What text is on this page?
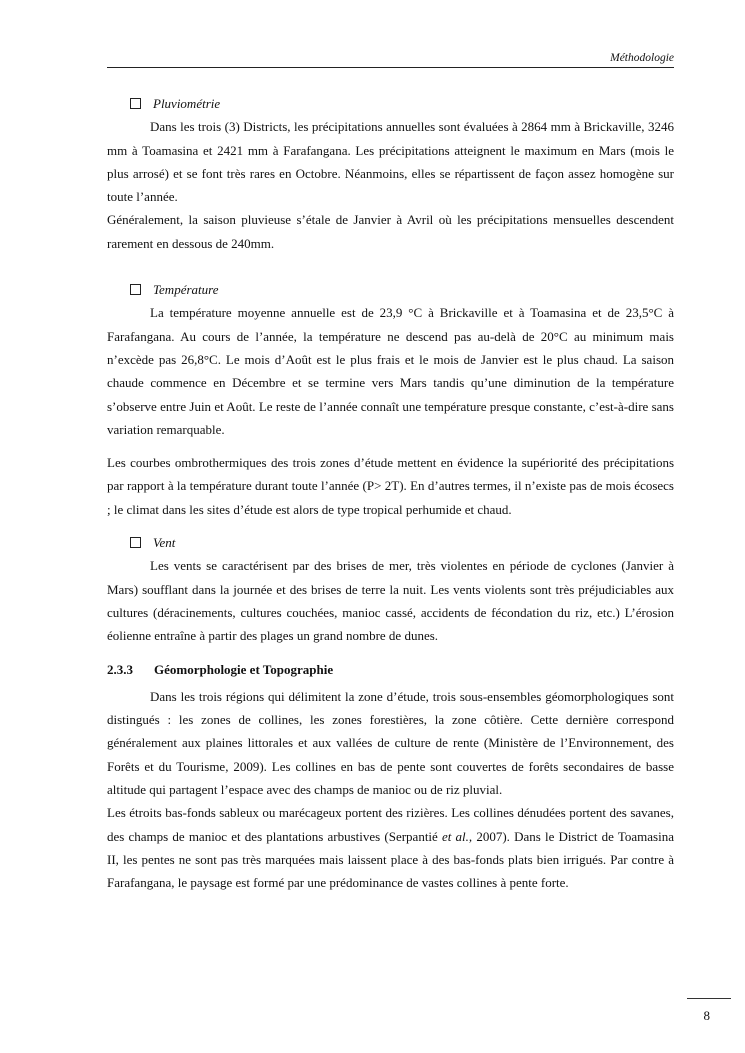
Méthodologie
Pluviométrie

Dans les trois (3) Districts, les précipitations annuelles sont évaluées à 2864 mm à Brickaville, 3246 mm à Toamasina et 2421 mm à Farafangana. Les précipitations atteignent le maximum en Mars (mois le plus arrosé) et se font très rares en Octobre. Néanmoins, elles se répartissent de façon assez homogène sur toute l’année.

Généralement, la saison pluvieuse s’étale de Janvier à Avril où les précipitations mensuelles descendent rarement en dessous de 240mm.

Température

La température moyenne annuelle est de 23,9 °C à Brickaville et à Toamasina et de 23,5°C à Farafangana. Au cours de l’année, la température ne descend pas au-delà de 20°C au minimum mais n’excède pas 26,8°C. Le mois d’Août est le plus frais et le mois de Janvier est le plus chaud. La saison chaude commence en Décembre et se termine vers Mars tandis qu’une diminution de la température s’observe entre Juin et Août. Le reste de l’année connaît une température presque constante, c’est-à-dire sans variation remarquable.

Les courbes ombrothermiques des trois zones d’étude mettent en évidence la supériorité des précipitations par rapport à la température durant toute l’année (P> 2T). En d’autres termes, il n’existe pas de mois écosecs ; le climat dans les sites d’étude est alors de type tropical perhumide et chaud.

Vent

Les vents se caractérisent par des brises de mer, très violentes en période de cyclones (Janvier à Mars) soufflant dans la journée et des brises de terre la nuit. Les vents violents sont très préjudiciables aux cultures (déracinements, cultures couchées, manioc cassé, accidents de fécondation du riz, etc.) L’érosion éolienne entraîne à partir des plages un grand nombre de dunes.

2.3.3	Géomorphologie et Topographie

Dans les trois régions qui délimitent la zone d’étude, trois sous-ensembles géomorphologiques sont distingués : les zones de collines, les zones forestières, la zone côtière. Cette dernière correspond généralement aux plaines littorales et aux vallées de culture de rente (Ministère de l’Environnement, des Forêts et du Tourisme, 2009). Les collines en bas de pente sont couvertes de forêts secondaires de basse altitude qui partagent l’espace avec des champs de manioc ou de riz pluvial.

Les étroits bas-fonds sableux ou marécageux portent des rizières. Les collines dénudées portent des savanes, des champs de manioc et des plantations arbustives (Serpantié et al., 2007). Dans le District de Toamasina II, les pentes ne sont pas très marquées mais laissent place à des bas-fonds plats bien irrigués. Par contre à Farafangana, le paysage est formé par une prédominance de vastes collines à pente forte.

8
